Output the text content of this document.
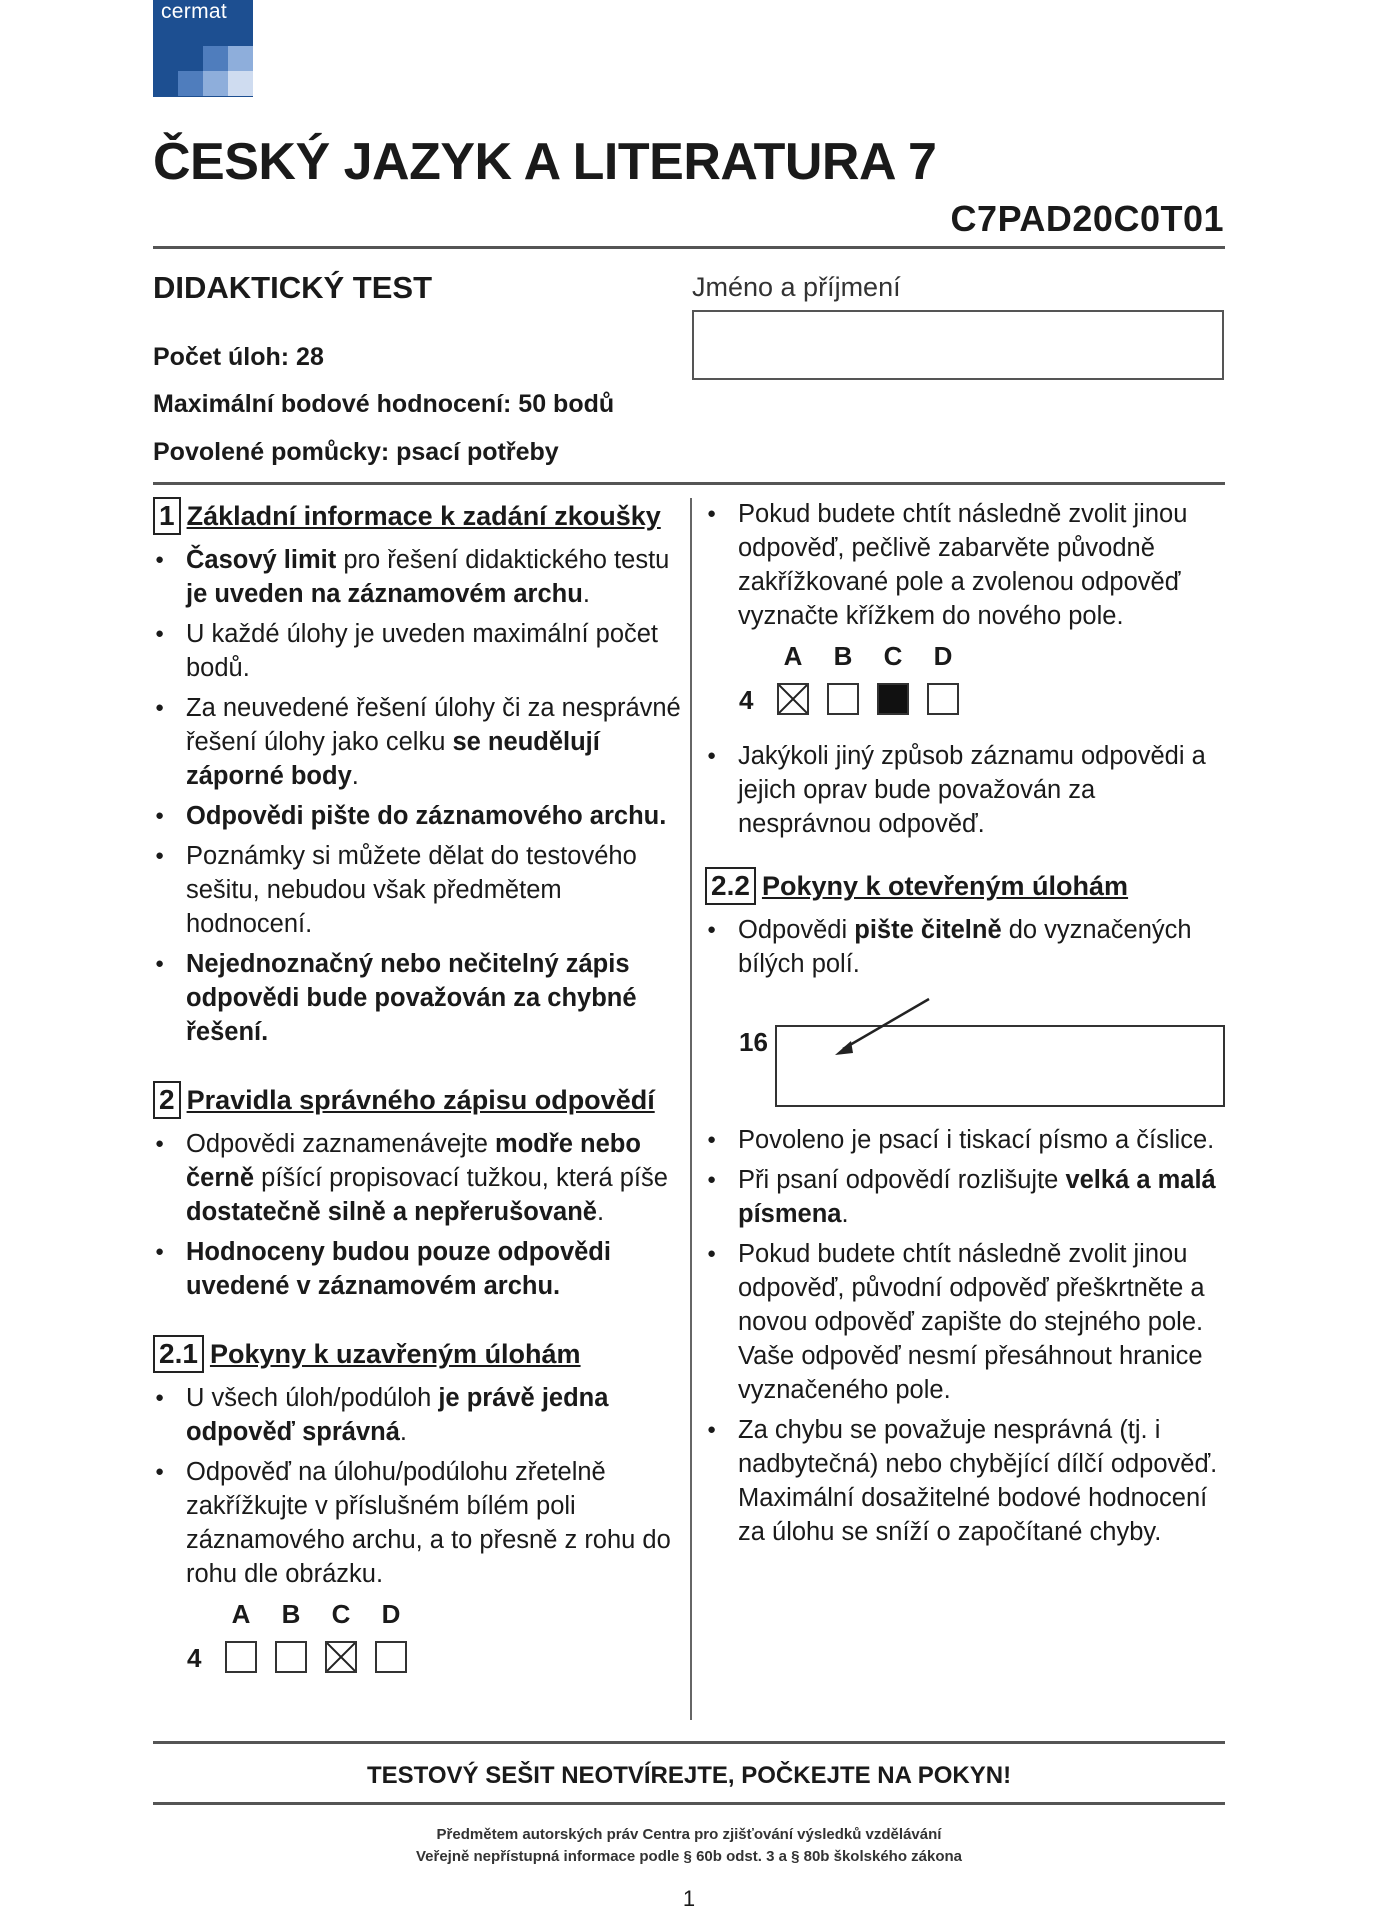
cermat
ČESKÝ JAZYK A LITERATURA 7
C7PAD20C0T01
DIDAKTICKÝ TEST
Počet úloh: 28
Maximální bodové hodnocení: 50 bodů
Povolené pomůcky: psací potřeby
Jméno a příjmení
1 Základní informace k zadání zkoušky
● Časový limit pro řešení didaktického testu je uveden na záznamovém archu.
● U každé úlohy je uveden maximální počet bodů.
● Za neuvedené řešení úlohy či za nesprávné řešení úlohy jako celku se neudělují záporné body.
● Odpovědi pište do záznamového archu.
● Poznámky si můžete dělat do testového sešitu, nebudou však předmětem hodnocení.
● Nejednoznačný nebo nečitelný zápis odpovědi bude považován za chybné řešení.
2 Pravidla správného zápisu odpovědí
● Odpovědi zaznamenávejte modře nebo černě píšící propisovací tužkou, která píše dostatečně silně a nepřerušovaně.
● Hodnoceny budou pouze odpovědi uvedené v záznamovém archu.
2.1 Pokyny k uzavřeným úlohám
● U všech úloh/podúloh je právě jedna odpověď správná.
● Odpověď na úlohu/podúlohu zřetelně zakřížkujte v příslušném bílém poli záznamového archu, a to přesně z rohu do rohu dle obrázku.
A	B	C	D
4
● Pokud budete chtít následně zvolit jinou odpověď, pečlivě zabarvěte původně zakřížkované pole a zvolenou odpověď vyznačte křížkem do nového pole.
A	B	C	D
4
● Jakýkoli jiný způsob záznamu odpovědi a jejich oprav bude považován za nesprávnou odpověď.
2.2 Pokyny k otevřeným úlohám
● Odpovědi pište čitelně do vyznačených bílých polí.
16
● Povoleno je psací i tiskací písmo a číslice.
● Při psaní odpovědí rozlišujte velká a malá písmena.
● Pokud budete chtít následně zvolit jinou odpověď, původní odpověď přeškrtněte a novou odpověď zapište do stejného pole. Vaše odpověď nesmí přesáhnout hranice vyznačeného pole.
● Za chybu se považuje nesprávná (tj. i nadbytečná) nebo chybějící dílčí odpověď. Maximální dosažitelné bodové hodnocení za úlohu se sníží o započítané chyby.
TESTOVÝ SEŠIT NEOTVÍREJTE, POČKEJTE NA POKYN!
Předmětem autorských práv Centra pro zjišťování výsledků vzdělávání
Veřejně nepřístupná informace podle § 60b odst. 3 a § 80b školského zákona
1
